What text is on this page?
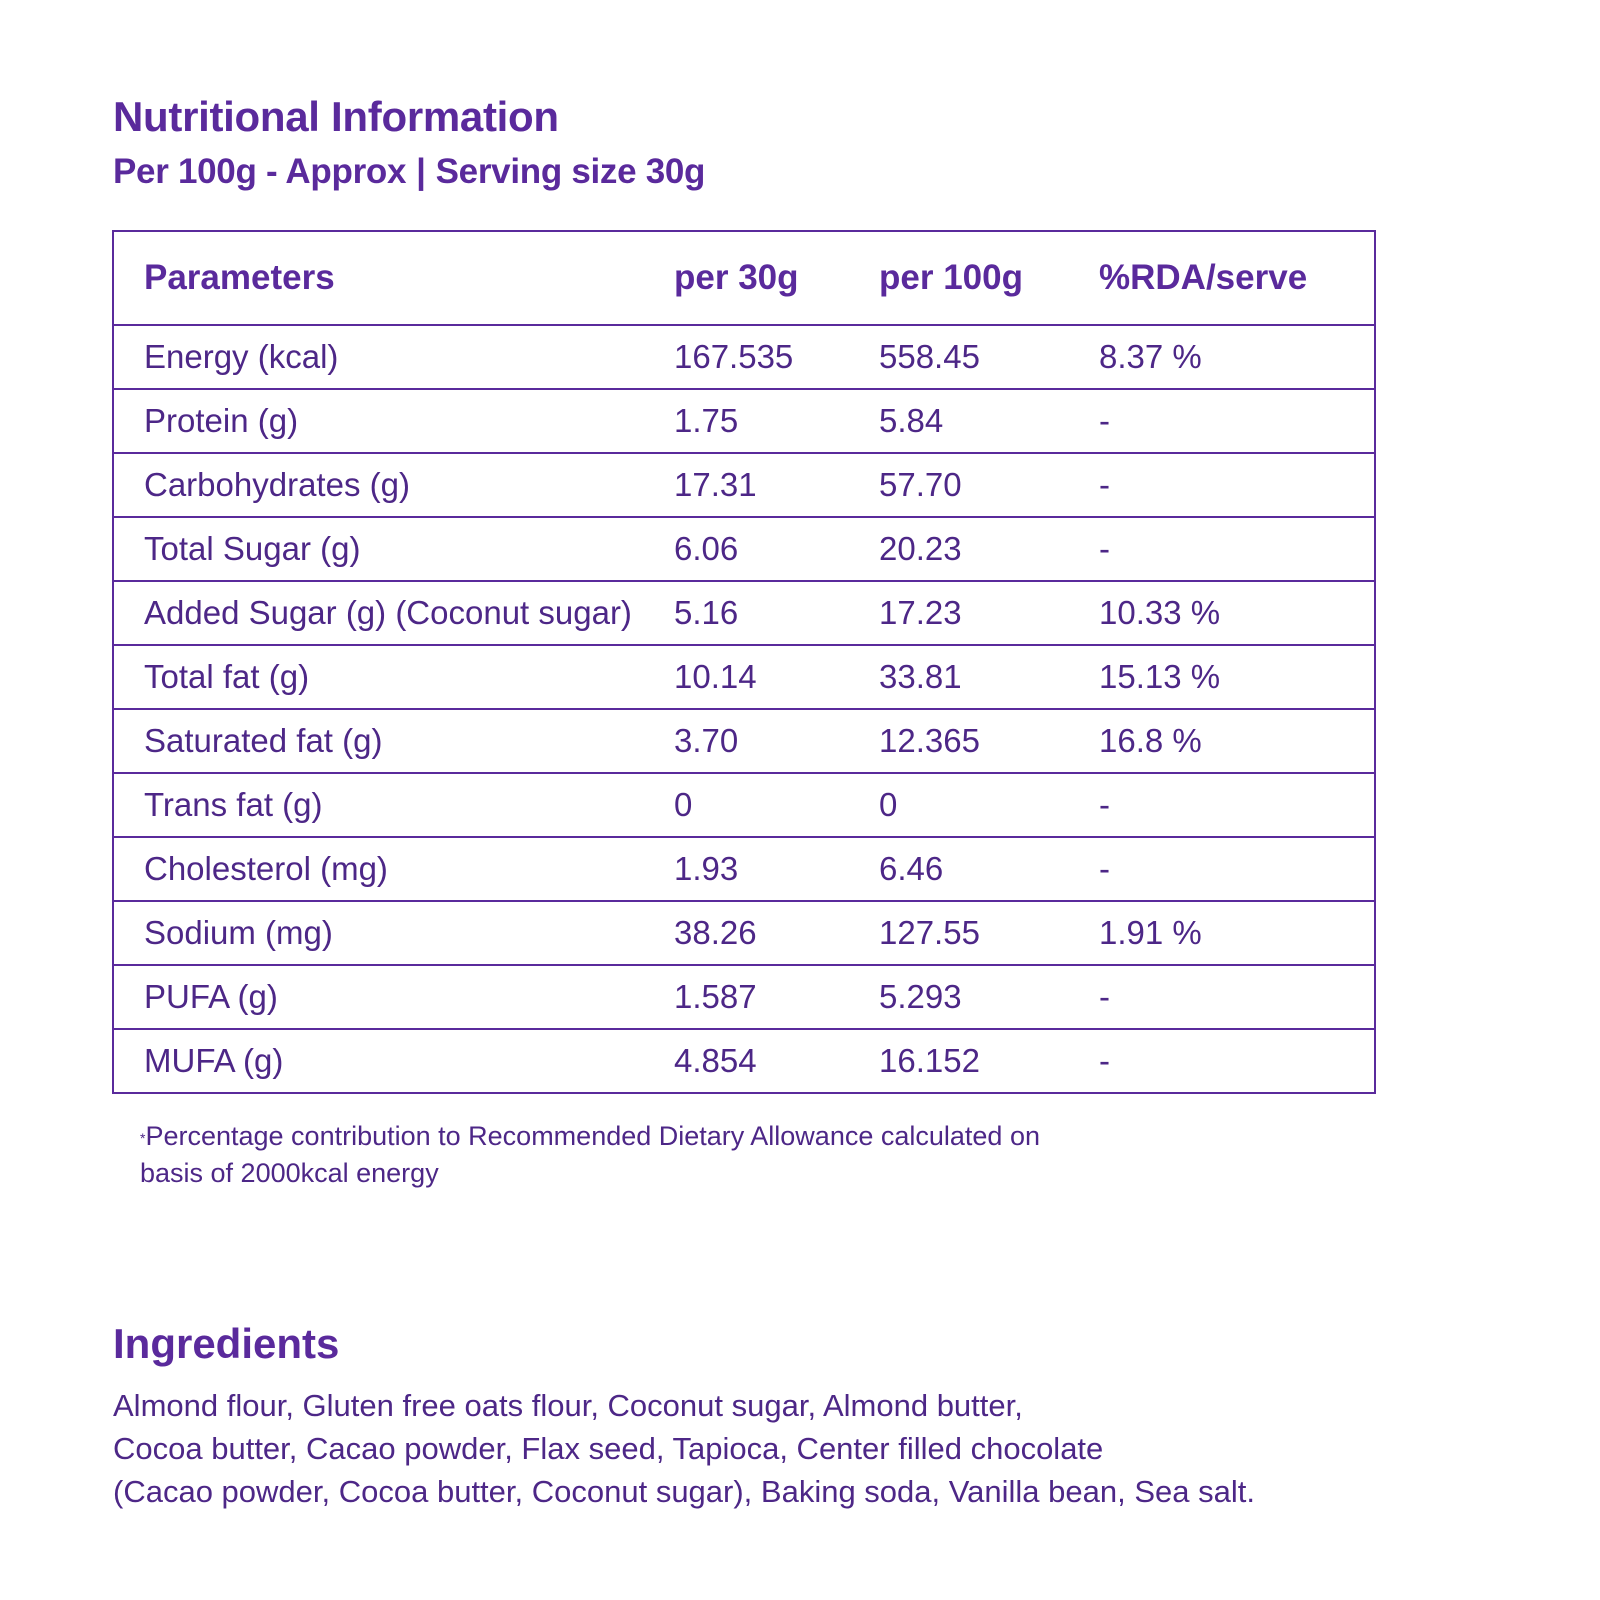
Nutritional Information
Per 100g - Approx | Serving size 30g
Parameters	per 30g	per 100g	%RDA/serve
Energy (kcal)	167.535	558.45	8.37 %
Protein (g)	1.75	5.84	-
Carbohydrates (g)	17.31	57.70	-
Total Sugar (g)	6.06	20.23	-
Added Sugar (g) (Coconut sugar)	5.16	17.23	10.33 %
Total fat (g)	10.14	33.81	15.13 %
Saturated fat (g)	3.70	12.365	16.8 %
Trans fat (g)	0	0	-
Cholesterol (mg)	1.93	6.46	-
Sodium (mg)	38.26	127.55	1.91 %
PUFA (g)	1.587	5.293	-
MUFA (g)	4.854	16.152	-
*Percentage contribution to Recommended Dietary Allowance calculated on
basis of 2000kcal energy
Ingredients
Almond flour, Gluten free oats flour, Coconut sugar, Almond butter,
Cocoa butter, Cacao powder, Flax seed, Tapioca, Center filled chocolate
(Cacao powder, Cocoa butter, Coconut sugar), Baking soda, Vanilla bean, Sea salt.
